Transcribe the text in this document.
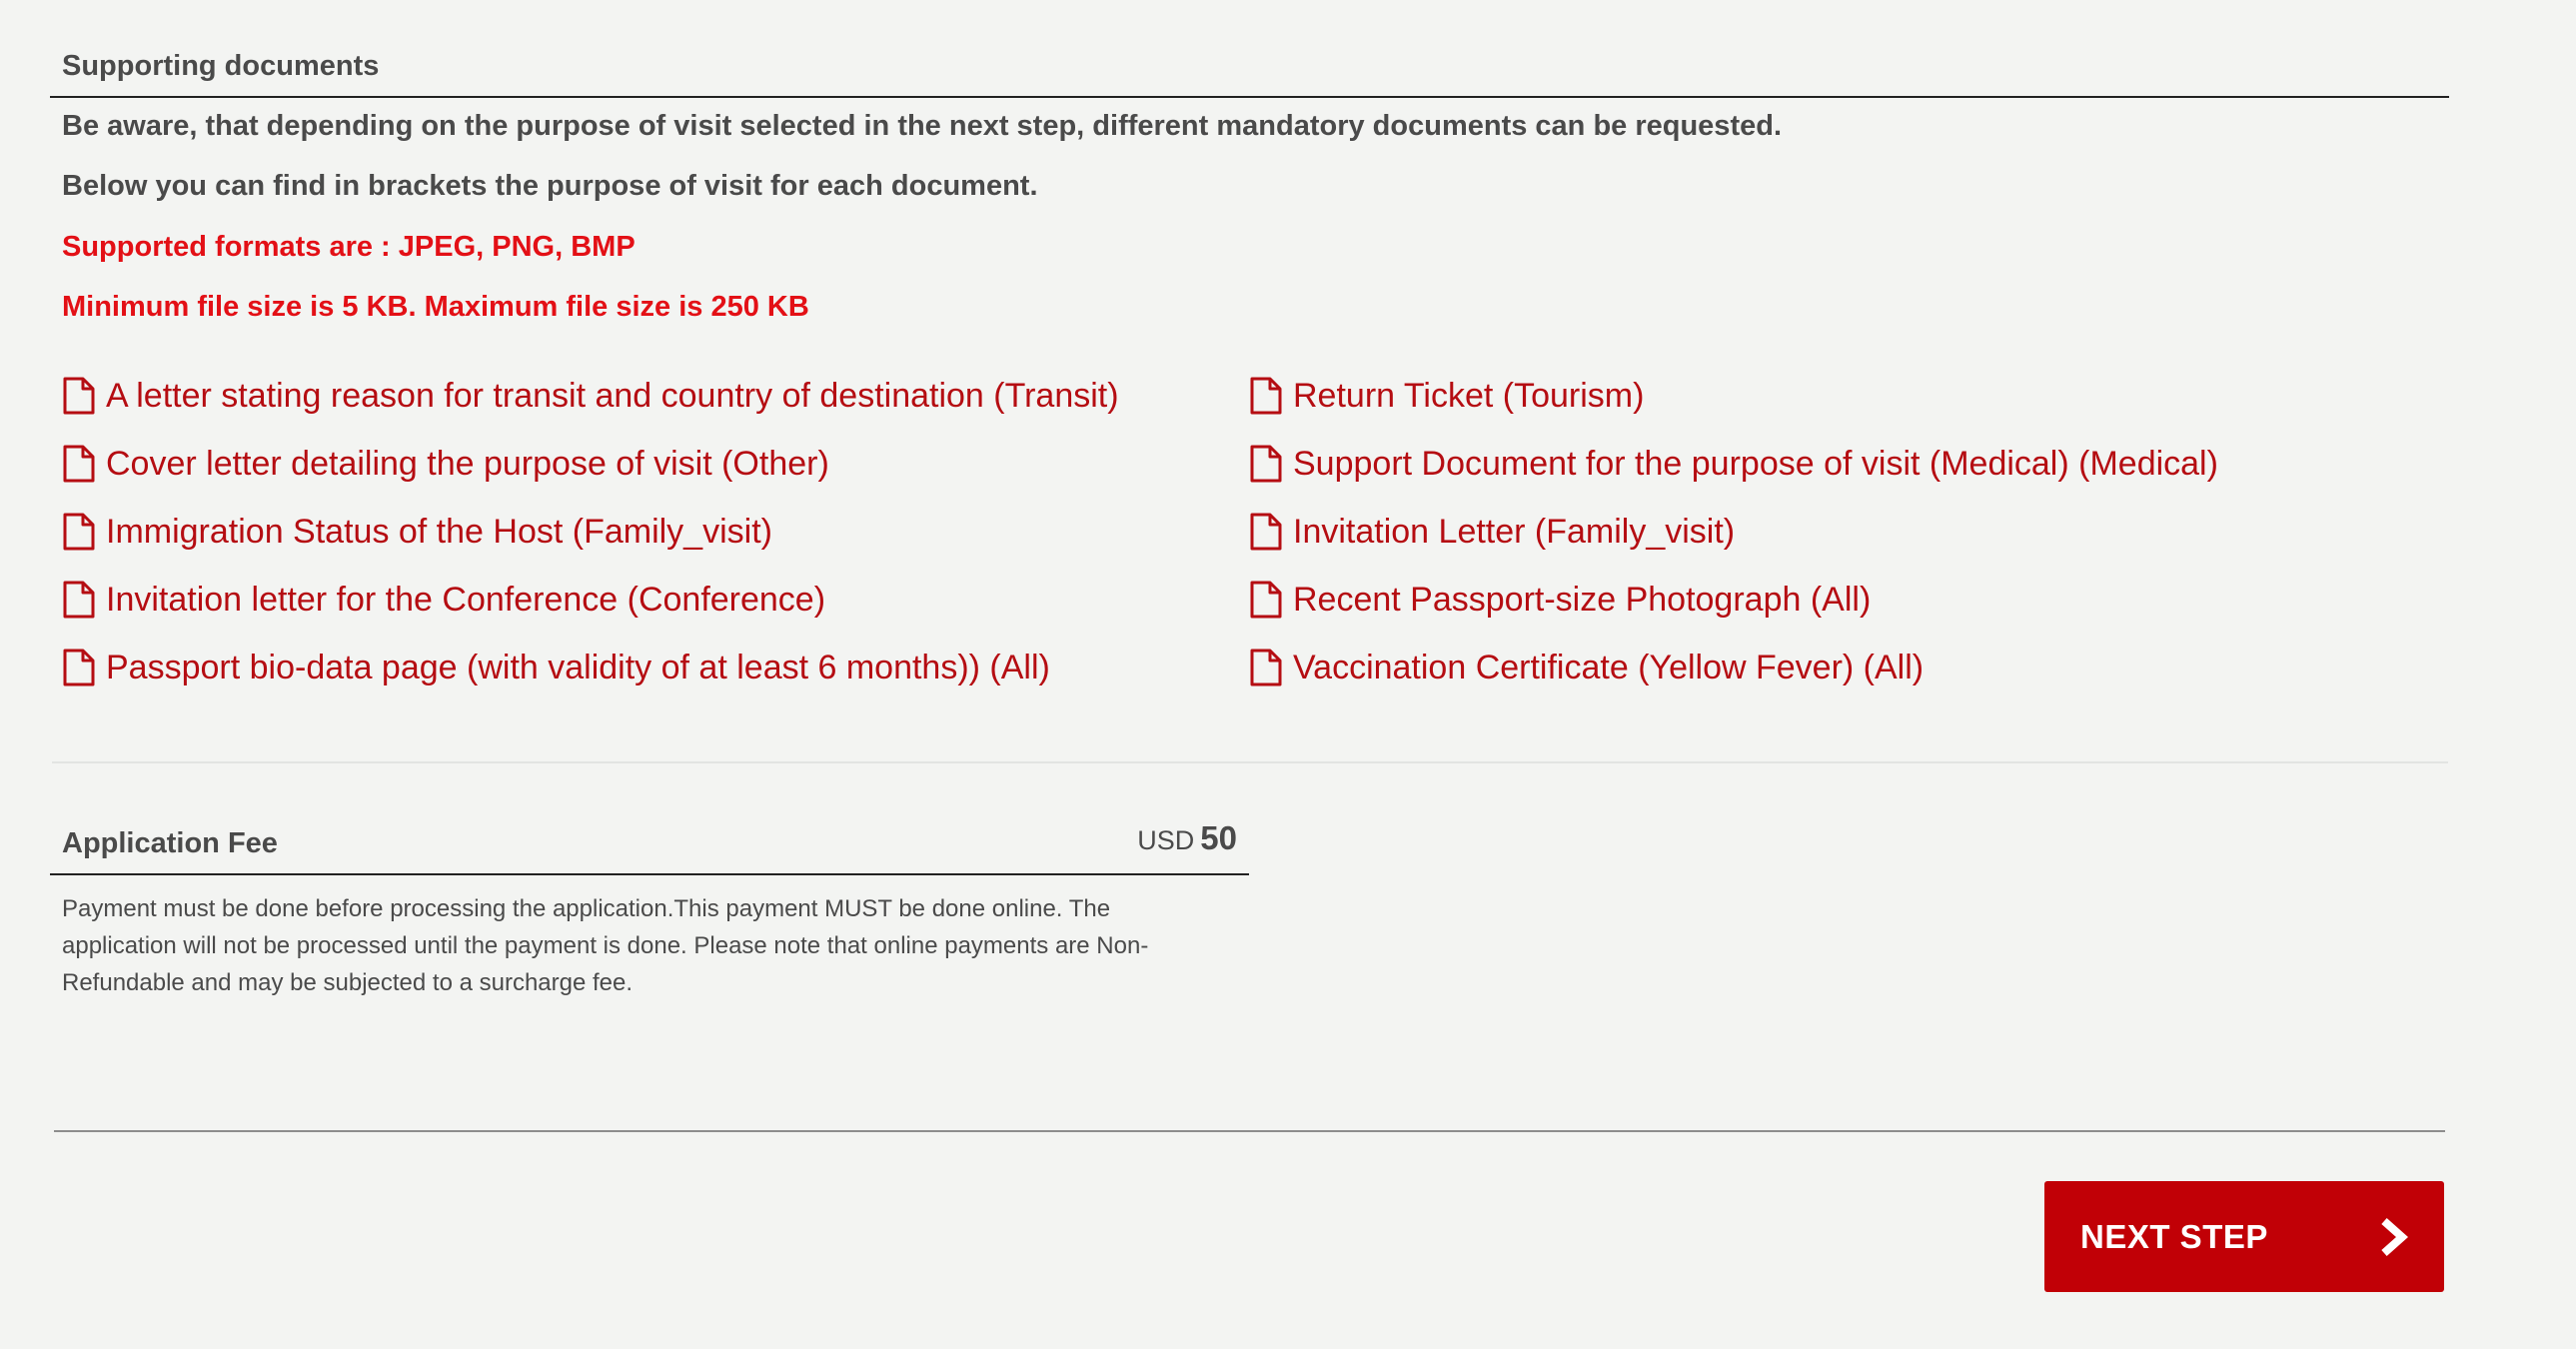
Supporting documents
Be aware, that depending on the purpose of visit selected in the next step, different mandatory documents can be requested.
Below you can find in brackets the purpose of visit for each document.
Supported formats are : JPEG, PNG, BMP
Minimum file size is 5 KB. Maximum file size is 250 KB
A letter stating reason for transit and country of destination (Transit)
Cover letter detailing the purpose of visit (Other)
Immigration Status of the Host (Family_visit)
Invitation letter for the Conference (Conference)
Passport bio-data page (with validity of at least 6 months)) (All)
Return Ticket (Tourism)
Support Document for the purpose of visit (Medical) (Medical)
Invitation Letter (Family_visit)
Recent Passport-size Photograph (All)
Vaccination Certificate (Yellow Fever) (All)
Application Fee	USD 50

Payment must be done before processing the application.This payment MUST be done online. The application will not be processed until the payment is done. Please note that online payments are Non-Refundable and may be subjected to a surcharge fee.

NEXT STEP
